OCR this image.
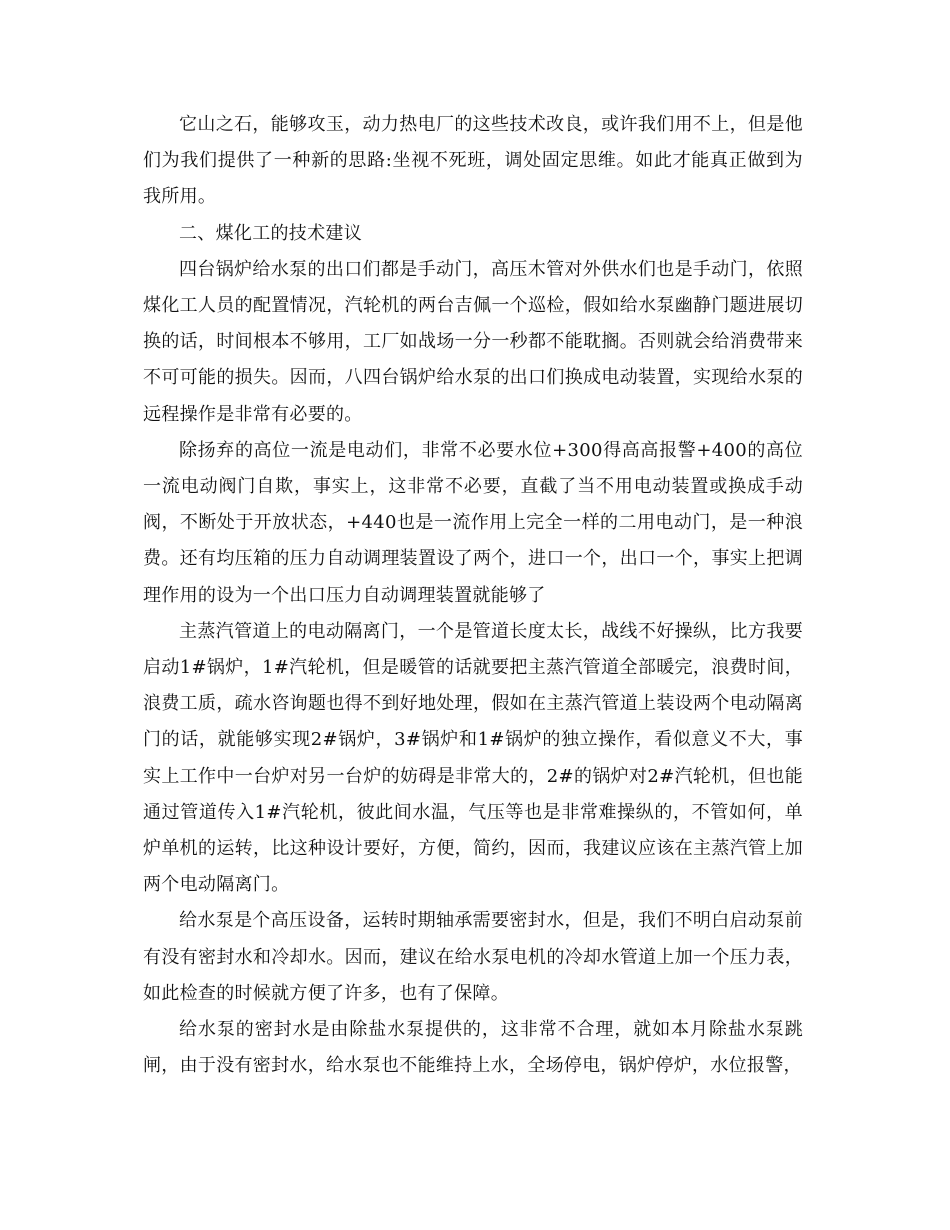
它山之石，能够攻玉，动力热电厂的这些技术改良，或许我们用不上，但是他们为我们提供了一种新的思路:坐视不死班，调处固定思维。如此才能真正做到为我所用。

二、煤化工的技术建议

四台锅炉给水泵的出口们都是手动门，高压木管对外供水们也是手动门，依照煤化工人员的配置情况，汽轮机的两台吉佩一个巡检，假如给水泵幽静门题进展切换的话，时间根本不够用，工厂如战场一分一秒都不能耽搁。否则就会给消费带来不可可能的损失。因而，八四台锅炉给水泵的出口们换成电动装置，实现给水泵的远程操作是非常有必要的。

除扬弃的高位一流是电动们，非常不必要水位+300得高高报警+400的高位一流电动阀门自欺，事实上，这非常不必要，直截了当不用电动装置或换成手动阀，不断处于开放状态，+440也是一流作用上完全一样的二用电动门，是一种浪费。还有均压箱的压力自动调理装置设了两个，进口一个，出口一个，事实上把调理作用的设为一个出口压力自动调理装置就能够了

主蒸汽管道上的电动隔离门，一个是管道长度太长，战线不好操纵，比方我要启动1#锅炉，1#汽轮机，但是暖管的话就要把主蒸汽管道全部暖完，浪费时间，浪费工质，疏水咨询题也得不到好地处理，假如在主蒸汽管道上装设两个电动隔离门的话，就能够实现2#锅炉，3#锅炉和1#锅炉的独立操作，看似意义不大，事实上工作中一台炉对另一台炉的妨碍是非常大的，2#的锅炉对2#汽轮机，但也能通过管道传入1#汽轮机，彼此间水温，气压等也是非常难操纵的，不管如何，单炉单机的运转，比这种设计要好，方便，简约，因而，我建议应该在主蒸汽管上加两个电动隔离门。

给水泵是个高压设备，运转时期轴承需要密封水，但是，我们不明白启动泵前有没有密封水和冷却水。因而，建议在给水泵电机的冷却水管道上加一个压力表，如此检查的时候就方便了许多，也有了保障。

给水泵的密封水是由除盐水泵提供的，这非常不合理，就如本月除盐水泵跳闸，由于没有密封水，给水泵也不能维持上水，全场停电，锅炉停炉，水位报警，
